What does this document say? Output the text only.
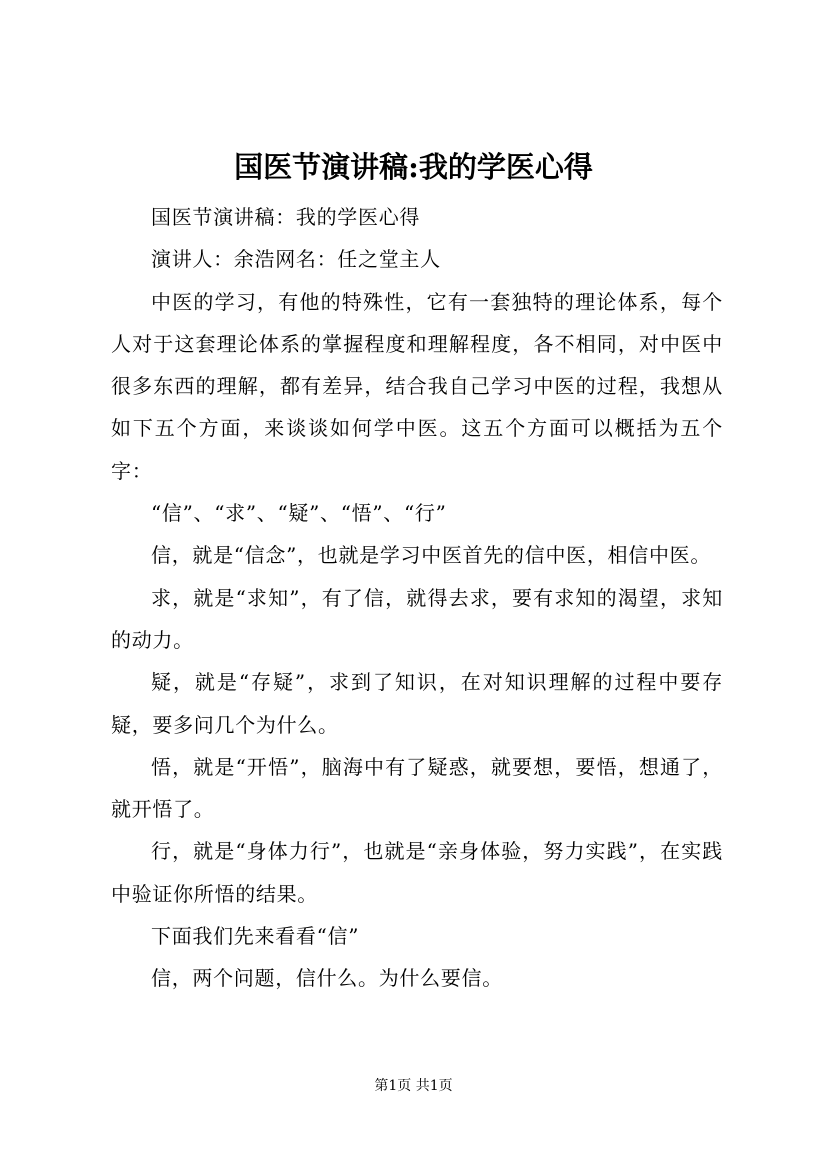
国医节演讲稿:我的学医心得

国医节演讲稿：我的学医心得

演讲人：余浩网名：任之堂主人

中医的学习，有他的特殊性，它有一套独特的理论体系，每个人对于这套理论体系的掌握程度和理解程度，各不相同，对中医中很多东西的理解，都有差异，结合我自己学习中医的过程，我想从如下五个方面，来谈谈如何学中医。这五个方面可以概括为五个字：

“信”、“求”、“疑”、“悟”、“行”

信，就是“信念”，也就是学习中医首先的信中医，相信中医。

求，就是“求知”，有了信，就得去求，要有求知的渴望，求知的动力。

疑，就是“存疑”，求到了知识，在对知识理解的过程中要存疑，要多问几个为什么。

悟，就是“开悟”，脑海中有了疑惑，就要想，要悟，想通了，就开悟了。

行，就是“身体力行”，也就是“亲身体验，努力实践”，在实践中验证你所悟的结果。

下面我们先来看看“信”

信，两个问题，信什么。为什么要信。

第1页 共1页
